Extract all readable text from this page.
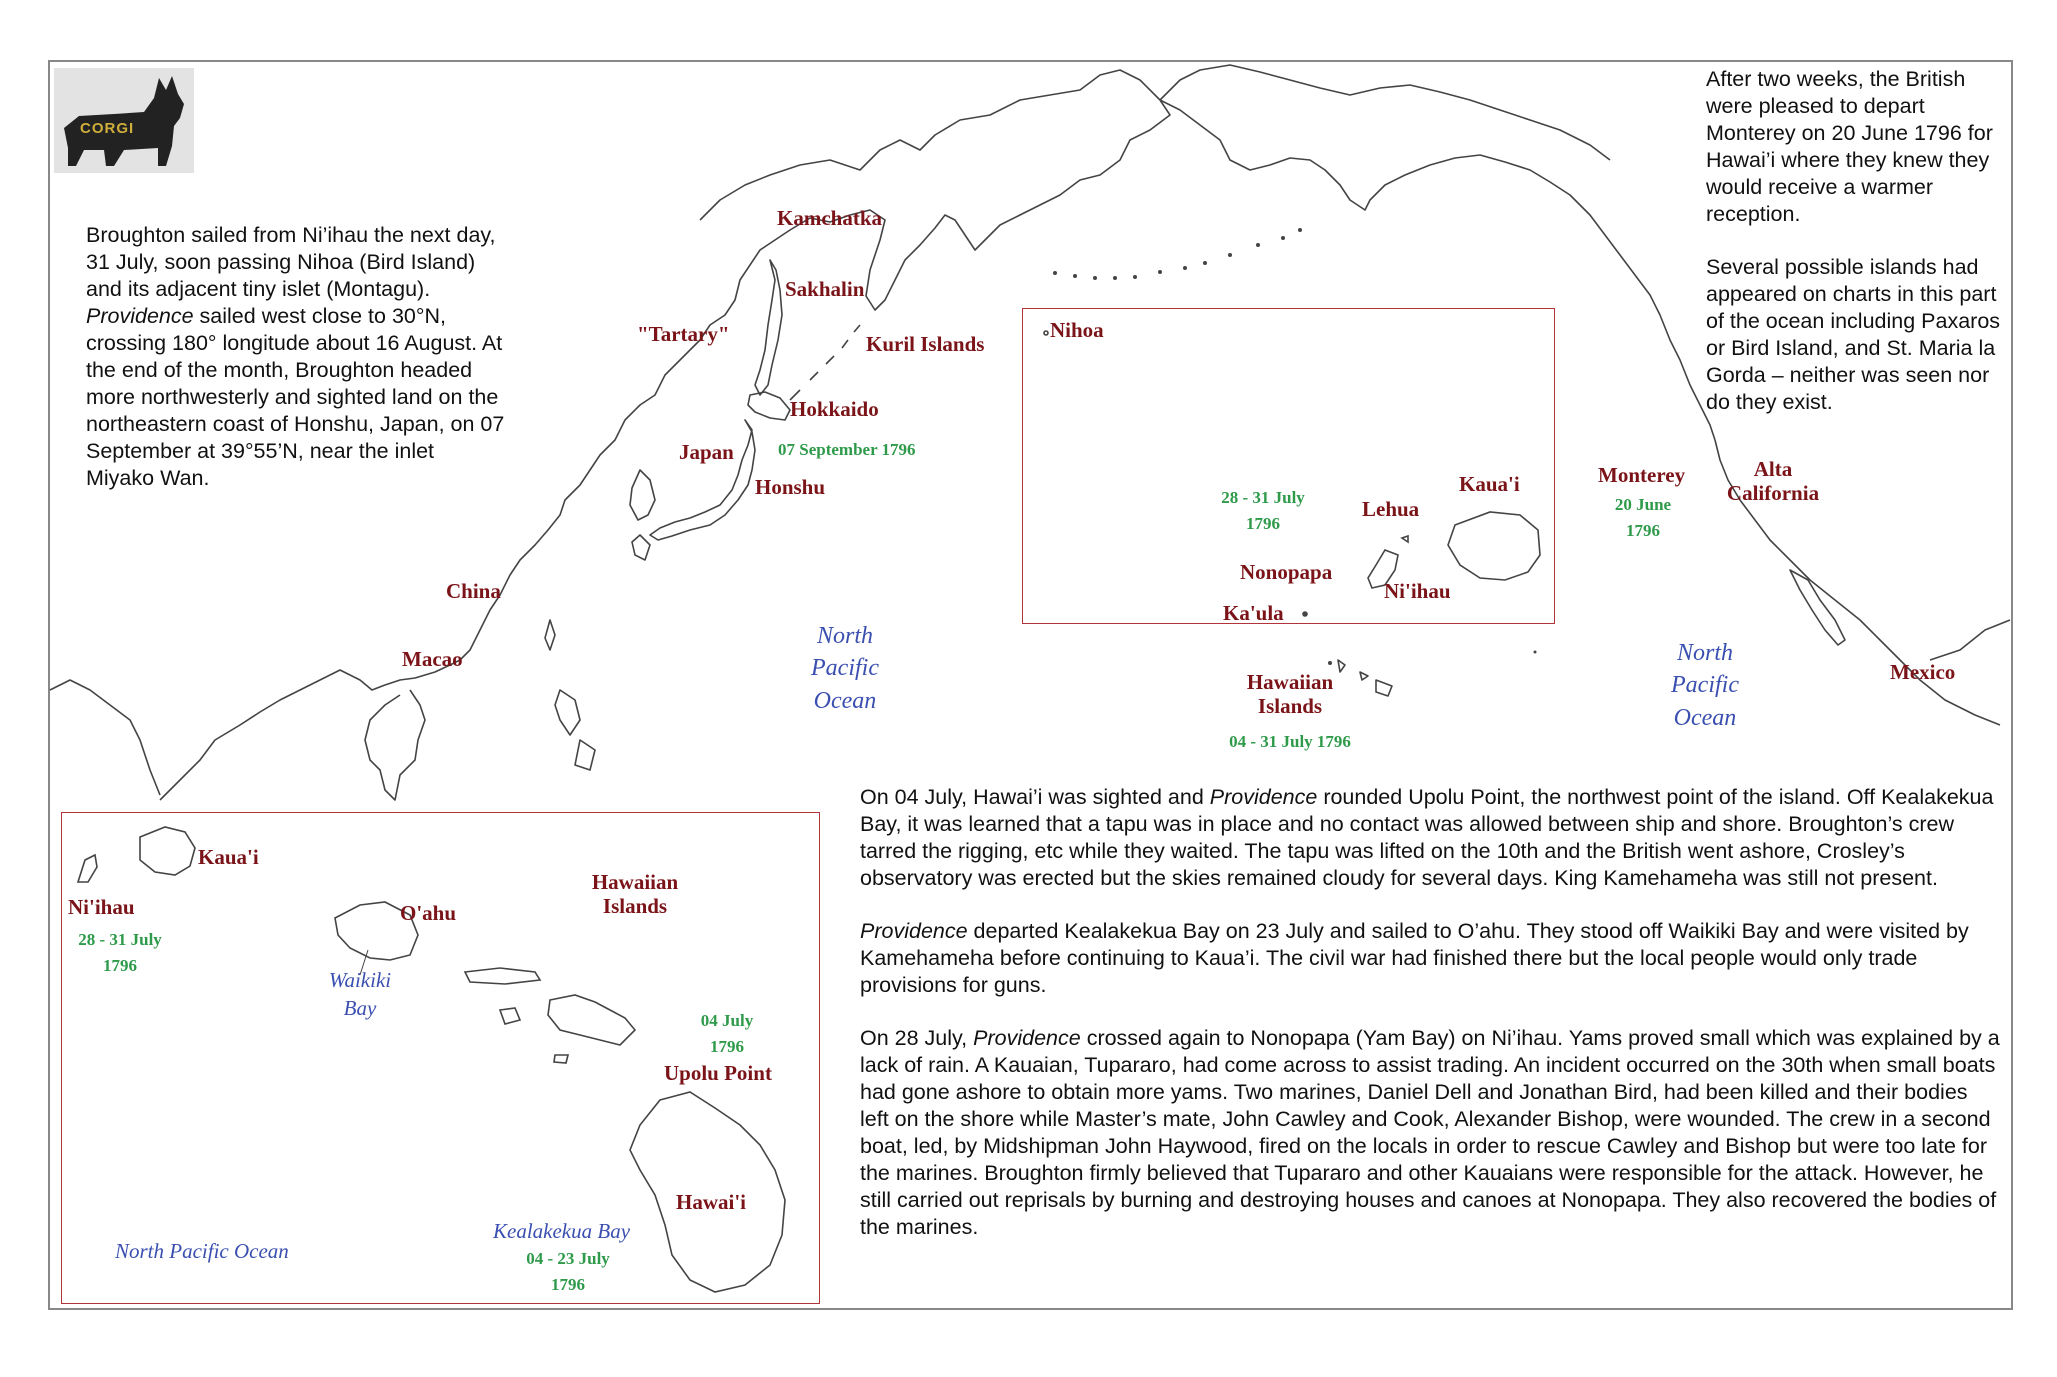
CORGI

Broughton sailed from Ni’ihau the next day, 31 July, soon passing Nihoa (Bird Island) and its adjacent tiny islet (Montagu). Providence sailed west close to 30°N, crossing 180° longitude about 16 August. At the end of the month, Broughton headed more northwesterly and sighted land on the northeastern coast of Honshu, Japan, on 07 September at 39°55’N, near the inlet Miyako Wan.

After two weeks, the British were pleased to depart Monterey on 20 June 1796 for Hawai’i where they knew they would receive a warmer reception.

Several possible islands had appeared on charts in this part of the ocean including Paxaros or Bird Island, and St. Maria la Gorda – neither was seen nor do they exist.

On 04 July, Hawai’i was sighted and Providence rounded Upolu Point, the northwest point of the island. Off Kealakekua Bay, it was learned that a tapu was in place and no contact was allowed between ship and shore. Broughton’s crew tarred the rigging, etc while they waited. The tapu was lifted on the 10th and the British went ashore, Crosley’s observatory was erected but the skies remained cloudy for several days. King Kamehameha was still not present.

Providence departed Kealakekua Bay on 23 July and sailed to O’ahu. They stood off Waikiki Bay and were visited by Kamehameha before continuing to Kaua’i. The civil war had finished there but the local people would only trade provisions for guns.

On 28 July, Providence crossed again to Nonopapa (Yam Bay) on Ni’ihau. Yams proved small which was explained by a lack of rain. A Kauaian, Tupararo, had come across to assist trading. An incident occurred on the 30th when small boats had gone ashore to obtain more yams. Two marines, Daniel Dell and Jonathan Bird, had been killed and their bodies left on the shore while Master’s mate, John Cawley and Cook, Alexander Bishop, were wounded. The crew in a second boat, led, by Midshipman John Haywood, fired on the locals in order to rescue Cawley and Bishop but were too late for the marines. Broughton firmly believed that Tupararo and other Kauaians were responsible for the attack. However, he still carried out reprisals by burning and destroying houses and canoes at Nonopapa. They also recovered the bodies of the marines.

Kamchatka
Sakhalin
"Tartary"	Kuril Islands
Hokkaido
Japan
Honshu
China
Macao
Hawaiian
Islands
Monterey	Alta
California
Mexico
07 September 1796
04 - 31 July 1796
20 June
1796
North
Pacific
Ocean
North
Pacific
Ocean
Nihoa
Kaua'i
Lehua
Nonopapa
Ni'ihau
Ka'ula
28 - 31 July
1796
Kaua'i
Ni'ihau	O'ahu
Hawaiian
Islands
Upolu Point
Hawai'i
Waikiki
Bay
Kealakekua Bay
North Pacific Ocean
28 - 31 July
1796
04 July
1796
04 - 23 July
1796
